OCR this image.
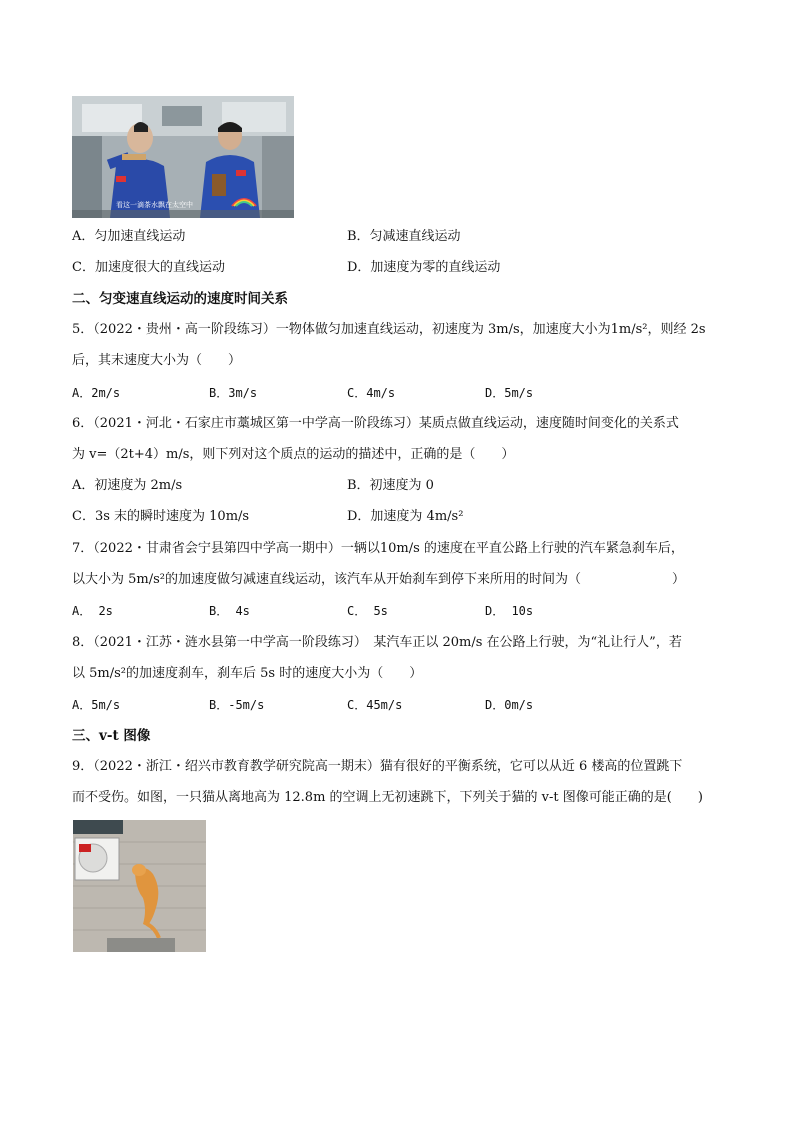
看这一滴茶水飘在太空中
A．匀加速直线运动	B．匀减速直线运动
C．加速度很大的直线运动	D．加速度为零的直线运动
二、匀变速直线运动的速度时间关系
5．（2022・贵州・高一阶段练习）一物体做匀加速直线运动，初速度为 3m/s，加速度大小为1m/s²，则经 2s
后，其末速度大小为（　　）
A．2m/s	B．3m/s	C．4m/s	D．5m/s
6．（2021・河北・石家庄市藁城区第一中学高一阶段练习）某质点做直线运动，速度随时间变化的关系式
为 v=（2t+4）m/s，则下列对这个质点的运动的描述中，正确的是（　　）
A．初速度为 2m/s	B．初速度为 0
C．3s 末的瞬时速度为 10m/s	D．加速度为 4m/s²
7．（2022・甘肃省会宁县第四中学高一期中）一辆以10m/s 的速度在平直公路上行驶的汽车紧急刹车后，
以大小为 5m/s²的加速度做匀减速直线运动，该汽车从开始刹车到停下来所用的时间为（　　　　　　　）
A． 2s	B． 4s	C． 5s	D． 10s
8．（2021・江苏・涟水县第一中学高一阶段练习）　某汽车正以 20m/s 在公路上行驶，为“礼让行人”，若
以 5m/s²的加速度刹车，刹车后 5s 时的速度大小为（　　）
A．5m/s	B．-5m/s	C．45m/s	D．0m/s
三、v-t 图像
9．（2022・浙江・绍兴市教育教学研究院高一期末）猫有很好的平衡系统，它可以从近 6 楼高的位置跳下
而不受伤。如图，一只猫从离地高为 12.8m 的空调上无初速跳下，下列关于猫的 v-t 图像可能正确的是(　　)
